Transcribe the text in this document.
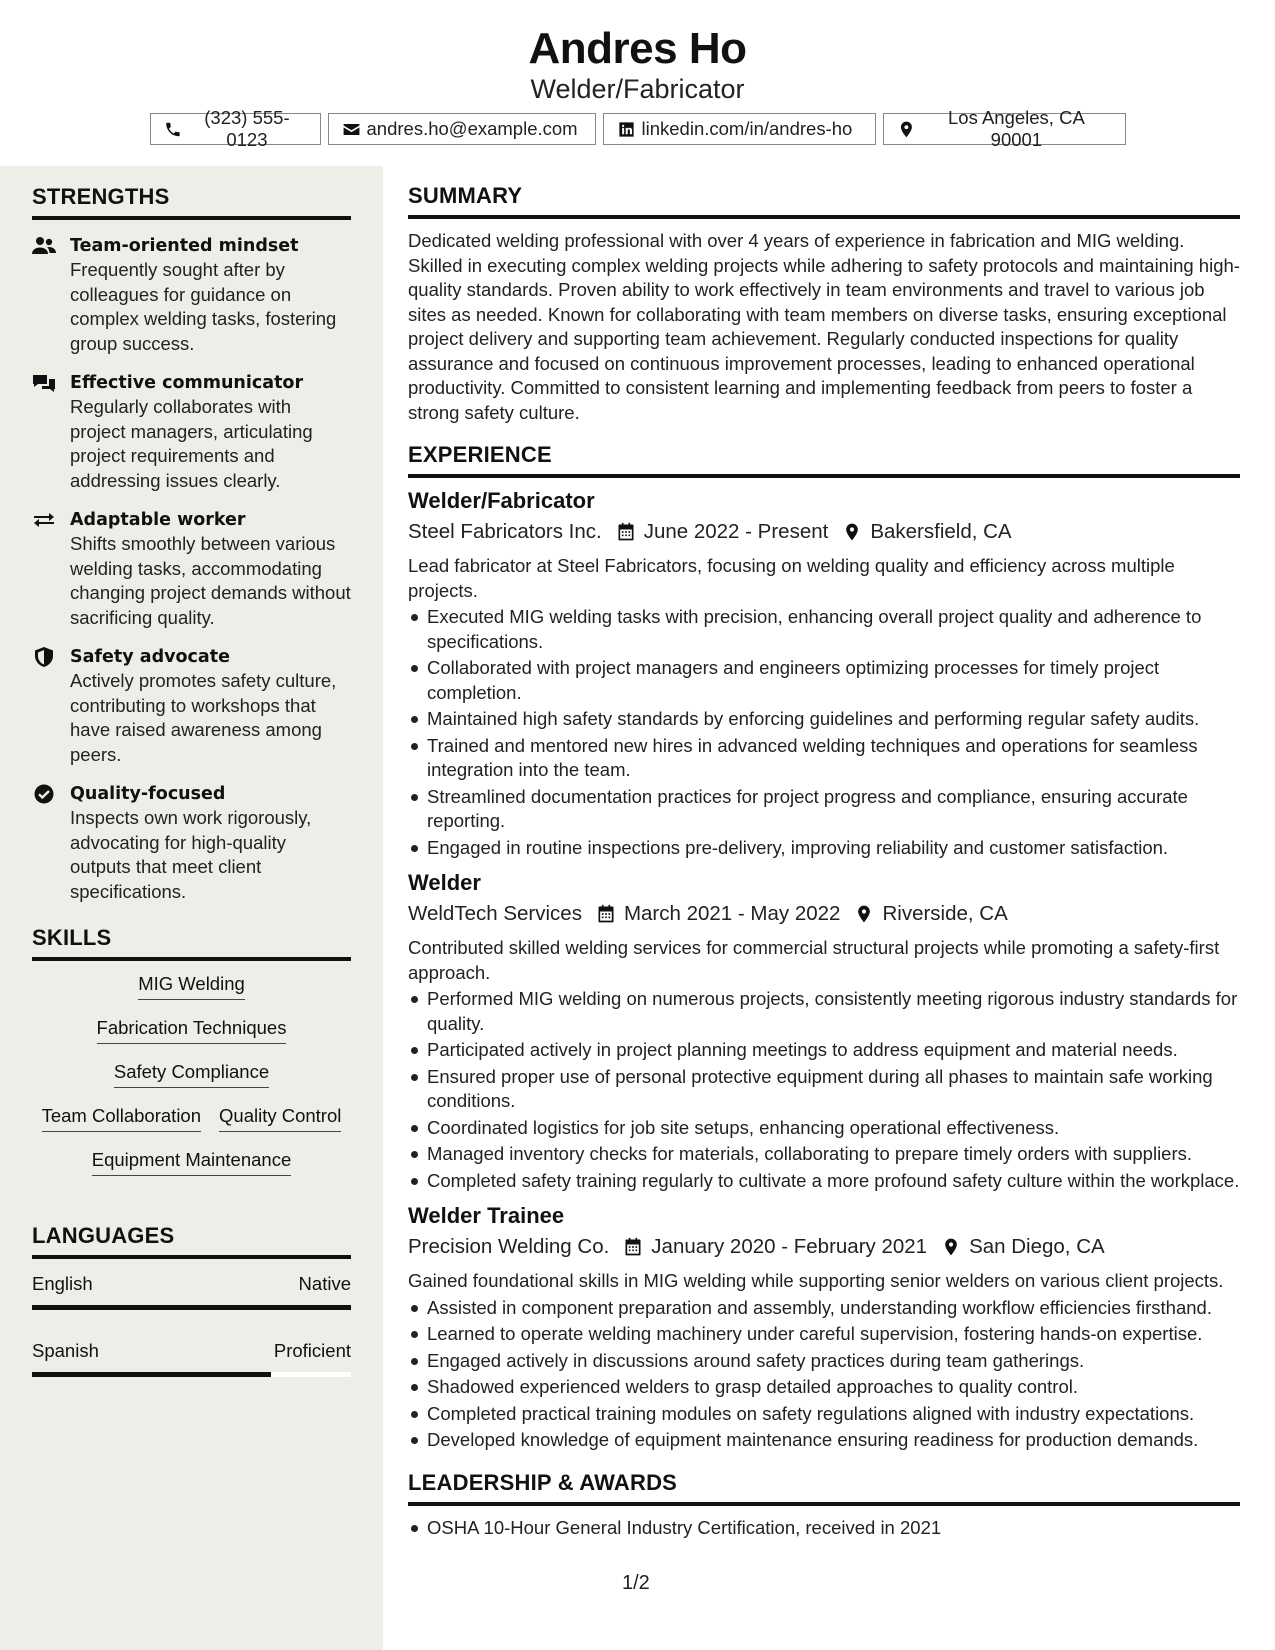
Andres Ho
Welder/Fabricator
(323) 555-0123
andres.ho@example.com	linkedin.com/in/andres-ho
Los Angeles, CA 90001
STRENGTHS
Team-oriented mindset
Frequently sought after by colleagues for guidance on complex welding tasks, fostering group success.
Effective communicator
Regularly collaborates with project managers, articulating project requirements and addressing issues clearly.
Adaptable worker
Shifts smoothly between various welding tasks, accommodating changing project demands without sacrificing quality.
Safety advocate
Actively promotes safety culture, contributing to workshops that have raised awareness among peers.
Quality-focused
Inspects own work rigorously, advocating for high-quality outputs that meet client specifications.
SKILLS
MIG Welding
Fabrication Techniques
Safety Compliance
Team Collaboration Quality Control
Equipment Maintenance
LANGUAGES
English	Native
Spanish	Proficient
SUMMARY
Dedicated welding professional with over 4 years of experience in fabrication and MIG welding. Skilled in executing complex welding projects while adhering to safety protocols and maintaining high-quality standards. Proven ability to work effectively in team environments and travel to various job sites as needed. Known for collaborating with team members on diverse tasks, ensuring exceptional project delivery and supporting team achievement. Regularly conducted inspections for quality assurance and focused on continuous improvement processes, leading to enhanced operational productivity. Committed to consistent learning and implementing feedback from peers to foster a strong safety culture.
EXPERIENCE
Welder/Fabricator
Steel Fabricators Inc. June 2022 - Present Bakersfield, CA
Lead fabricator at Steel Fabricators, focusing on welding quality and efficiency across multiple projects.
Executed MIG welding tasks with precision, enhancing overall project quality and adherence to specifications.
Collaborated with project managers and engineers optimizing processes for timely project completion.
Maintained high safety standards by enforcing guidelines and performing regular safety audits.
Trained and mentored new hires in advanced welding techniques and operations for seamless integration into the team.
Streamlined documentation practices for project progress and compliance, ensuring accurate reporting.
Engaged in routine inspections pre-delivery, improving reliability and customer satisfaction.
Welder
WeldTech Services March 2021 - May 2022 Riverside, CA
Contributed skilled welding services for commercial structural projects while promoting a safety-first approach.
Performed MIG welding on numerous projects, consistently meeting rigorous industry standards for quality.
Participated actively in project planning meetings to address equipment and material needs.
Ensured proper use of personal protective equipment during all phases to maintain safe working conditions.
Coordinated logistics for job site setups, enhancing operational effectiveness.
Managed inventory checks for materials, collaborating to prepare timely orders with suppliers.
Completed safety training regularly to cultivate a more profound safety culture within the workplace.
Welder Trainee
Precision Welding Co. January 2020 - February 2021 San Diego, CA
Gained foundational skills in MIG welding while supporting senior welders on various client projects.
Assisted in component preparation and assembly, understanding workflow efficiencies firsthand.
Learned to operate welding machinery under careful supervision, fostering hands-on expertise.
Engaged actively in discussions around safety practices during team gatherings.
Shadowed experienced welders to grasp detailed approaches to quality control.
Completed practical training modules on safety regulations aligned with industry expectations.
Developed knowledge of equipment maintenance ensuring readiness for production demands.
LEADERSHIP & AWARDS
OSHA 10-Hour General Industry Certification, received in 2021
1/2
